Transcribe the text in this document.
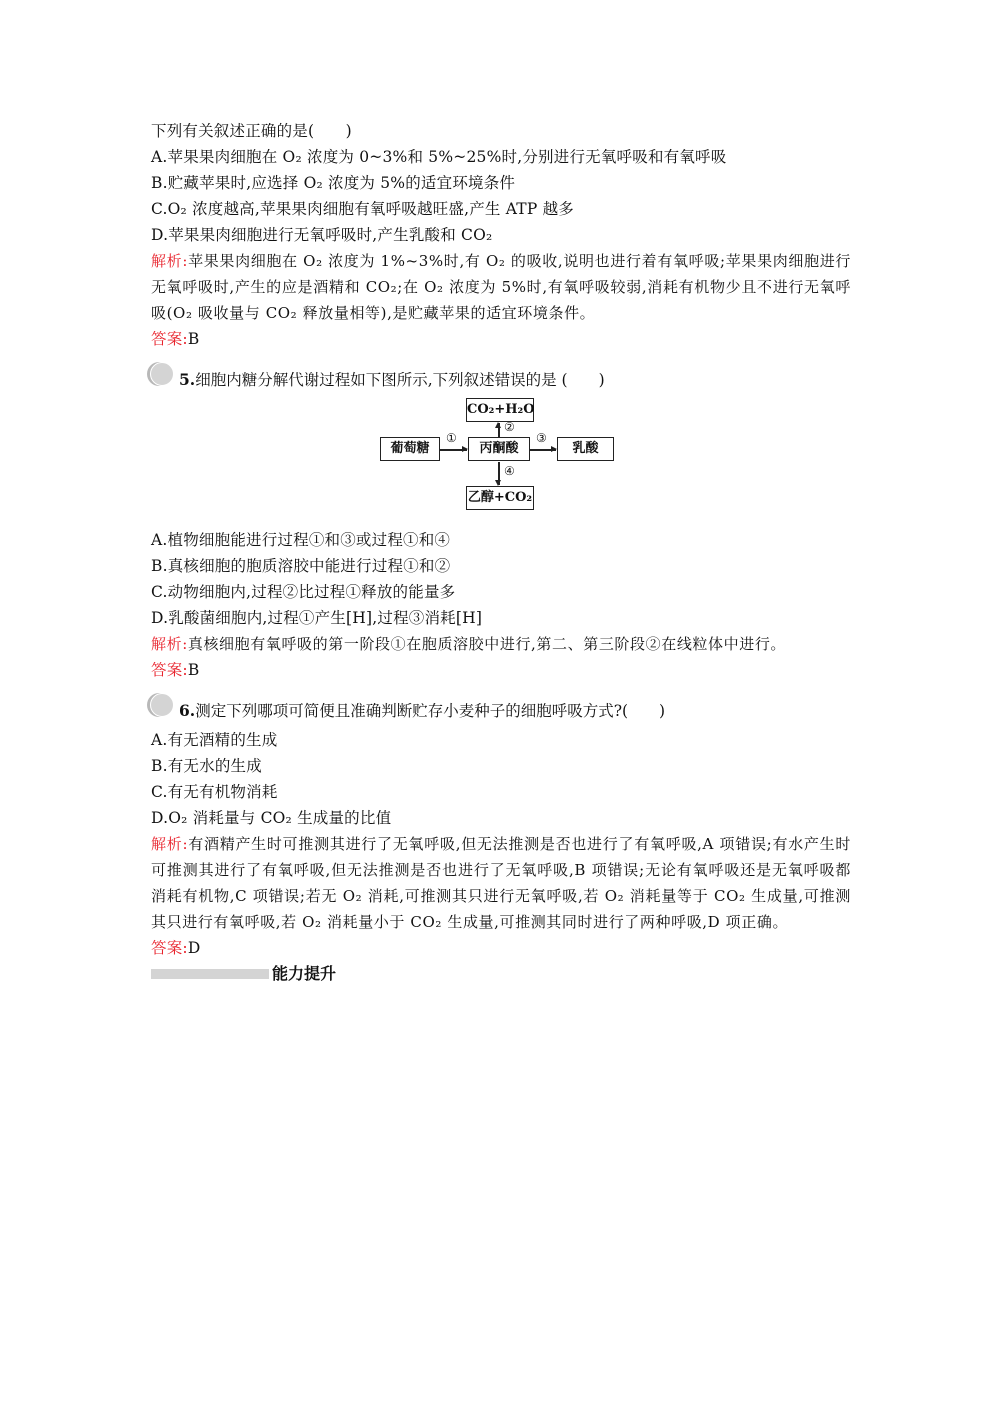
下列有关叙述正确的是(　　)
A.苹果果肉细胞在 O₂ 浓度为 0~3%和 5%~25%时,分别进行无氧呼吸和有氧呼吸
B.贮藏苹果时,应选择 O₂ 浓度为 5%的适宜环境条件
C.O₂ 浓度越高,苹果果肉细胞有氧呼吸越旺盛,产生 ATP 越多
D.苹果果肉细胞进行无氧呼吸时,产生乳酸和 CO₂
解析:苹果果肉细胞在 O₂ 浓度为 1%~3%时,有 O₂ 的吸收,说明也进行着有氧呼吸;苹果果肉细胞进行无氧呼吸时,产生的应是酒精和 CO₂;在 O₂ 浓度为 5%时,有氧呼吸较弱,消耗有机物少且不进行无氧呼吸(O₂ 吸收量与 CO₂ 释放量相等),是贮藏苹果的适宜环境条件。
答案:B
5.细胞内糖分解代谢过程如下图所示,下列叙述错误的是 (　　)
CO₂+H₂O
葡萄糖	丙酮酸	乳酸
乙醇+CO₂
①
②
③
④
A.植物细胞能进行过程①和③或过程①和④
B.真核细胞的胞质溶胶中能进行过程①和②
C.动物细胞内,过程②比过程①释放的能量多
D.乳酸菌细胞内,过程①产生[H],过程③消耗[H]
解析:真核细胞有氧呼吸的第一阶段①在胞质溶胶中进行,第二、第三阶段②在线粒体中进行。
答案:B
6.测定下列哪项可简便且准确判断贮存小麦种子的细胞呼吸方式?(　　)
A.有无酒精的生成
B.有无水的生成
C.有无有机物消耗
D.O₂ 消耗量与 CO₂ 生成量的比值
解析:有酒精产生时可推测其进行了无氧呼吸,但无法推测是否也进行了有氧呼吸,A 项错误;有水产生时可推测其进行了有氧呼吸,但无法推测是否也进行了无氧呼吸,B 项错误;无论有氧呼吸还是无氧呼吸都消耗有机物,C 项错误;若无 O₂ 消耗,可推测其只进行无氧呼吸,若 O₂ 消耗量等于 CO₂ 生成量,可推测其只进行有氧呼吸,若 O₂ 消耗量小于 CO₂ 生成量,可推测其同时进行了两种呼吸,D 项正确。
答案:D
能力提升
